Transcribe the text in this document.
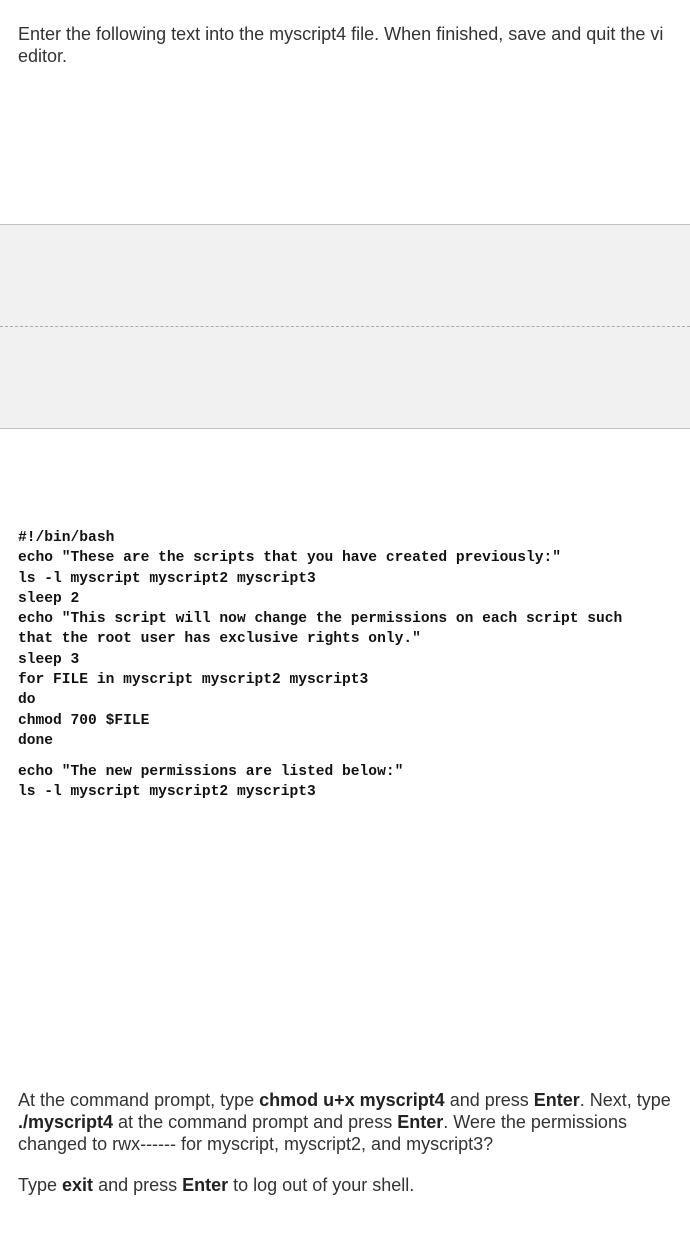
Enter the following text into the myscript4 file. When finished, save and quit the vi editor.

#!/bin/bash
echo "These are the scripts that you have created previously:"
ls -l myscript myscript2 myscript3
sleep 2
echo "This script will now change the permissions on each script such
that the root user has exclusive rights only."
sleep 3
for FILE in myscript myscript2 myscript3
do
chmod 700 $FILE
done
echo "The new permissions are listed below:"
ls -l myscript myscript2 myscript3

At the command prompt, type chmod u+x myscript4 and press Enter. Next, type ./myscript4 at the command prompt and press Enter. Were the permissions changed to rwx------ for myscript, myscript2, and myscript3?

Type exit and press Enter to log out of your shell.
